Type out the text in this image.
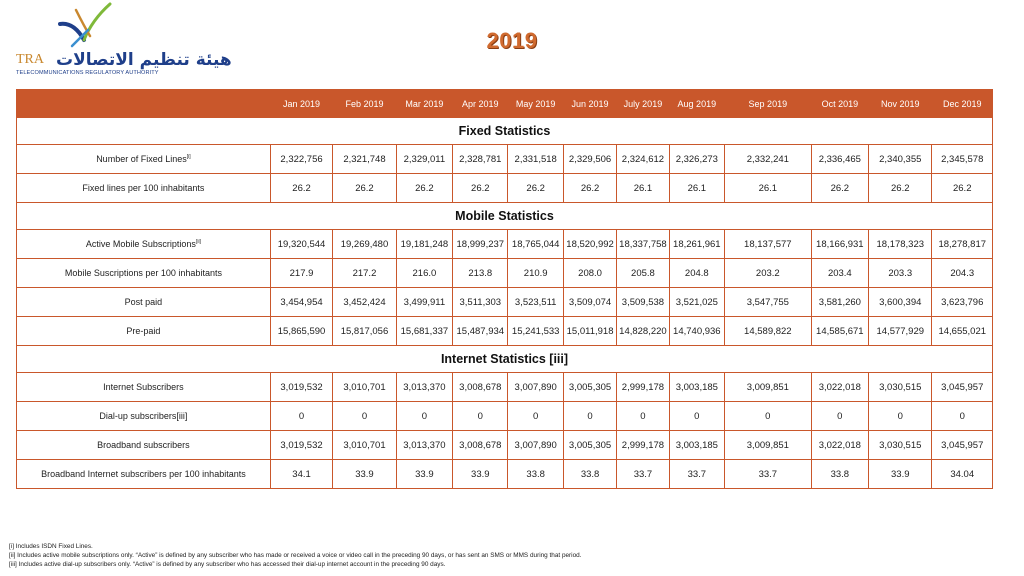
TRA هيئة تنظيم الاتصالات
TELECOMMUNICATIONS REGULATORY AUTHORITY
2019
	Jan 2019	Feb 2019	Mar 2019	Apr 2019	May 2019	Jun 2019	July 2019	Aug 2019	Sep 2019	Oct 2019	Nov 2019	Dec 2019
Fixed Statistics												
Number of Fixed Lines[i]	2,322,756	2,321,748	2,329,011	2,328,781	2,331,518	2,329,506	2,324,612	2,326,273	2,332,241	2,336,465	2,340,355	2,345,578
Fixed lines per 100 inhabitants	26.2	26.2	26.2	26.2	26.2	26.2	26.1	26.1	26.1	26.2	26.2	26.2
Mobile Statistics												
Active Mobile Subscriptions[ii]	19,320,544	19,269,480	19,181,248	18,999,237	18,765,044	18,520,992	18,337,758	18,261,961	18,137,577	18,166,931	18,178,323	18,278,817
Mobile Suscriptions per 100 inhabitants	217.9	217.2	216.0	213.8	210.9	208.0	205.8	204.8	203.2	203.4	203.3	204.3
Post paid	3,454,954	3,452,424	3,499,911	3,511,303	3,523,511	3,509,074	3,509,538	3,521,025	3,547,755	3,581,260	3,600,394	3,623,796
Pre-paid	15,865,590	15,817,056	15,681,337	15,487,934	15,241,533	15,011,918	14,828,220	14,740,936	14,589,822	14,585,671	14,577,929	14,655,021
Internet Statistics [iii]												
Internet Subscribers	3,019,532	3,010,701	3,013,370	3,008,678	3,007,890	3,005,305	2,999,178	3,003,185	3,009,851	3,022,018	3,030,515	3,045,957
Dial-up subscribers[iii]	0	0	0	0	0	0	0	0	0	0	0	0
Broadband subscribers	3,019,532	3,010,701	3,013,370	3,008,678	3,007,890	3,005,305	2,999,178	3,003,185	3,009,851	3,022,018	3,030,515	3,045,957
Broadband Internet subscribers per 100 inhabitants	34.1	33.9	33.9	33.9	33.8	33.8	33.7	33.7	33.7	33.8	33.9	34.04
[i] Includes ISDN Fixed Lines.
[ii] Includes active mobile subscriptions only. “Active” is defined by any subscriber who has made or received a voice or video call in the preceding 90 days, or has sent an SMS or MMS during that period.
[iii] Includes active dial-up subscribers only. “Active” is defined by any subscriber who has accessed their dial-up internet account in the preceding 90 days.
